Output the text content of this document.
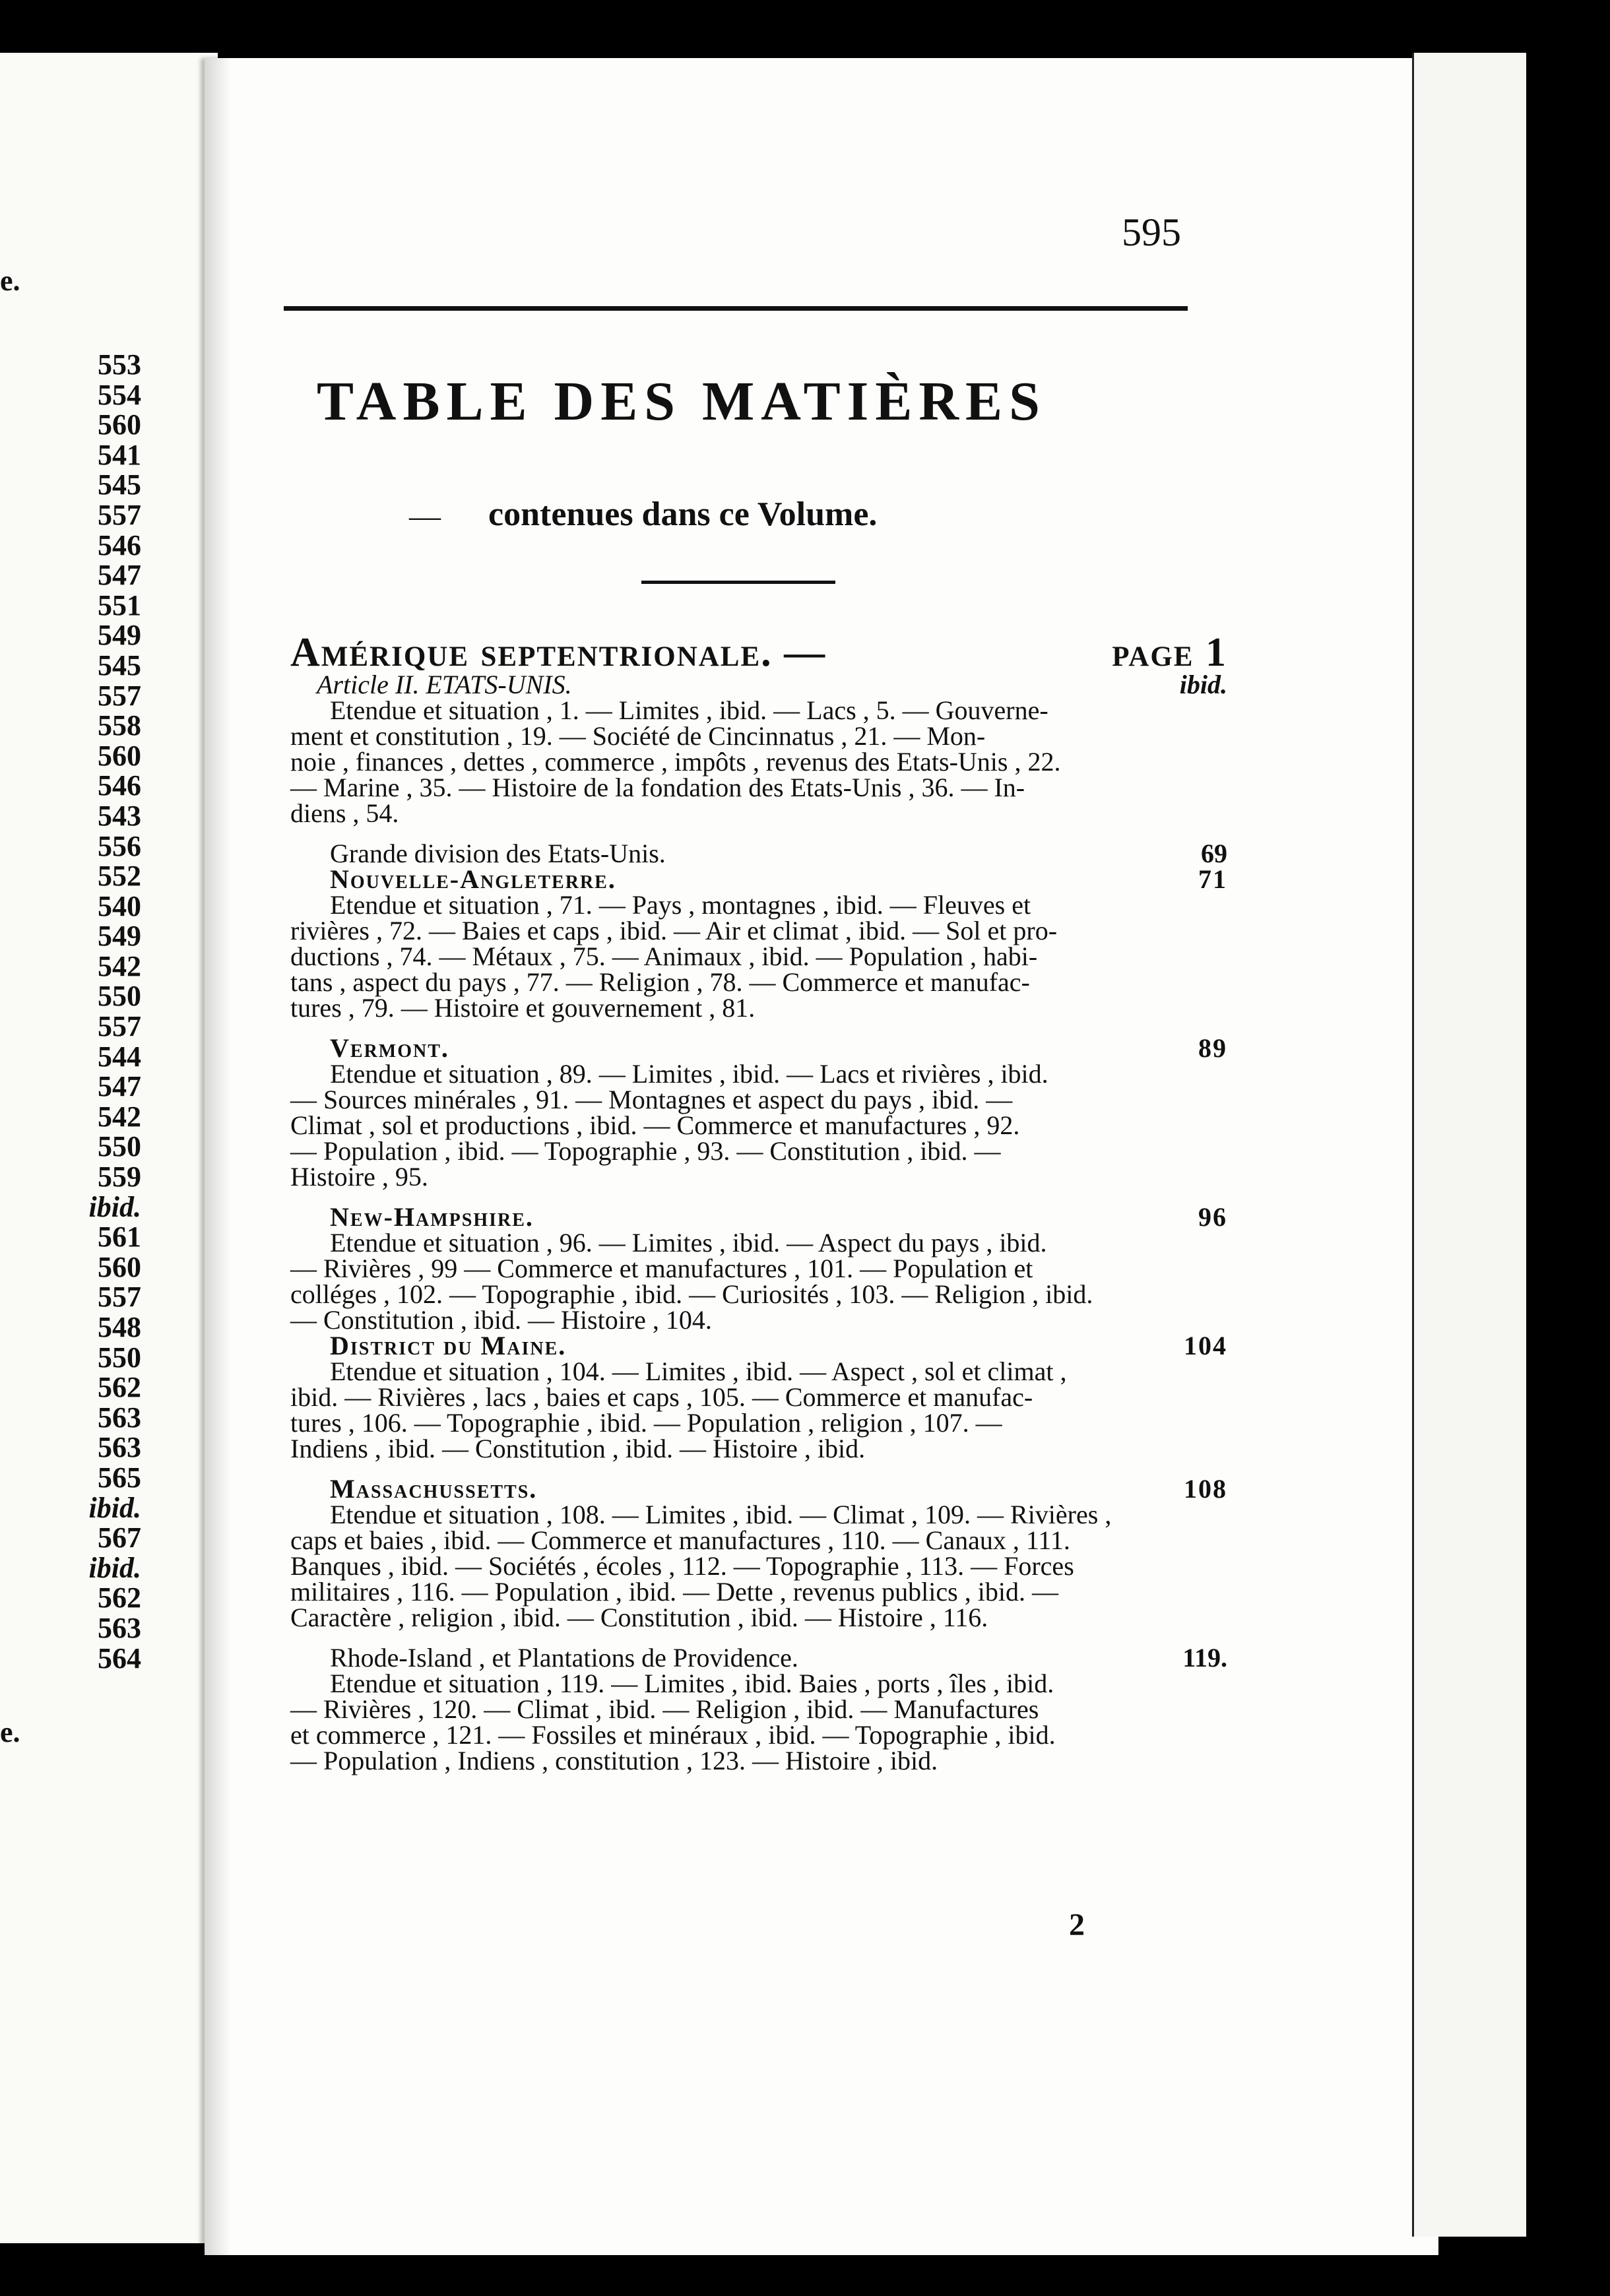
e.
e.
553
554
560
541
545
557
546
547
551
549
545
557
558
560
546
543
556
552
540
549
542
550
557
544
547
542
550
559
ibid.
561
560
557
548
550
562
563
563
565
ibid.
567
ibid.
562
563
564
595
TABLE DES MATIÈRES
— contenues dans ce Volume.
Amérique septentrionale. —	page 1
Article II. ETATS-UNIS.	ibid.
Etendue et situation , 1. — Limites , ibid. — Lacs , 5. — Gouverne-
ment et constitution , 19. — Société de Cincinnatus , 21. — Mon-
noie , finances , dettes , commerce , impôts , revenus des Etats-Unis , 22.
— Marine , 35. — Histoire de la fondation des Etats-Unis , 36. — In-
diens , 54.
Grande division des Etats-Unis.	69
Nouvelle-Angleterre.	71
Etendue et situation , 71. — Pays , montagnes , ibid. — Fleuves et
rivières , 72. — Baies et caps , ibid. — Air et climat , ibid. — Sol et pro-
ductions , 74. — Métaux , 75. — Animaux , ibid. — Population , habi-
tans , aspect du pays , 77. — Religion , 78. — Commerce et manufac-
tures , 79. — Histoire et gouvernement , 81.
Vermont.	89
Etendue et situation , 89. — Limites , ibid. — Lacs et rivières , ibid.
— Sources minérales , 91. — Montagnes et aspect du pays , ibid. —
Climat , sol et productions , ibid. — Commerce et manufactures , 92.
— Population , ibid. — Topographie , 93. — Constitution , ibid. —
Histoire , 95.
New-Hampshire.	96
Etendue et situation , 96. — Limites , ibid. — Aspect du pays , ibid.
— Rivières , 99 — Commerce et manufactures , 101. — Population et
colléges , 102. — Topographie , ibid. — Curiosités , 103. — Religion , ibid.
— Constitution , ibid. — Histoire , 104.
District du Maine.	104
Etendue et situation , 104. — Limites , ibid. — Aspect , sol et climat ,
ibid. — Rivières , lacs , baies et caps , 105. — Commerce et manufac-
tures , 106. — Topographie , ibid. — Population , religion , 107. —
Indiens , ibid. — Constitution , ibid. — Histoire , ibid.
Massachussetts.	108
Etendue et situation , 108. — Limites , ibid. — Climat , 109. — Rivières ,
caps et baies , ibid. — Commerce et manufactures , 110. — Canaux , 111.
Banques , ibid. — Sociétés , écoles , 112. — Topographie , 113. — Forces
militaires , 116. — Population , ibid. — Dette , revenus publics , ibid. —
Caractère , religion , ibid. — Constitution , ibid. — Histoire , 116.
Rhode-Island , et Plantations de Providence.	119.
Etendue et situation , 119. — Limites , ibid. Baies , ports , îles , ibid.
— Rivières , 120. — Climat , ibid. — Religion , ibid. — Manufactures
et commerce , 121. — Fossiles et minéraux , ibid. — Topographie , ibid.
— Population , Indiens , constitution , 123. — Histoire , ibid.
2
